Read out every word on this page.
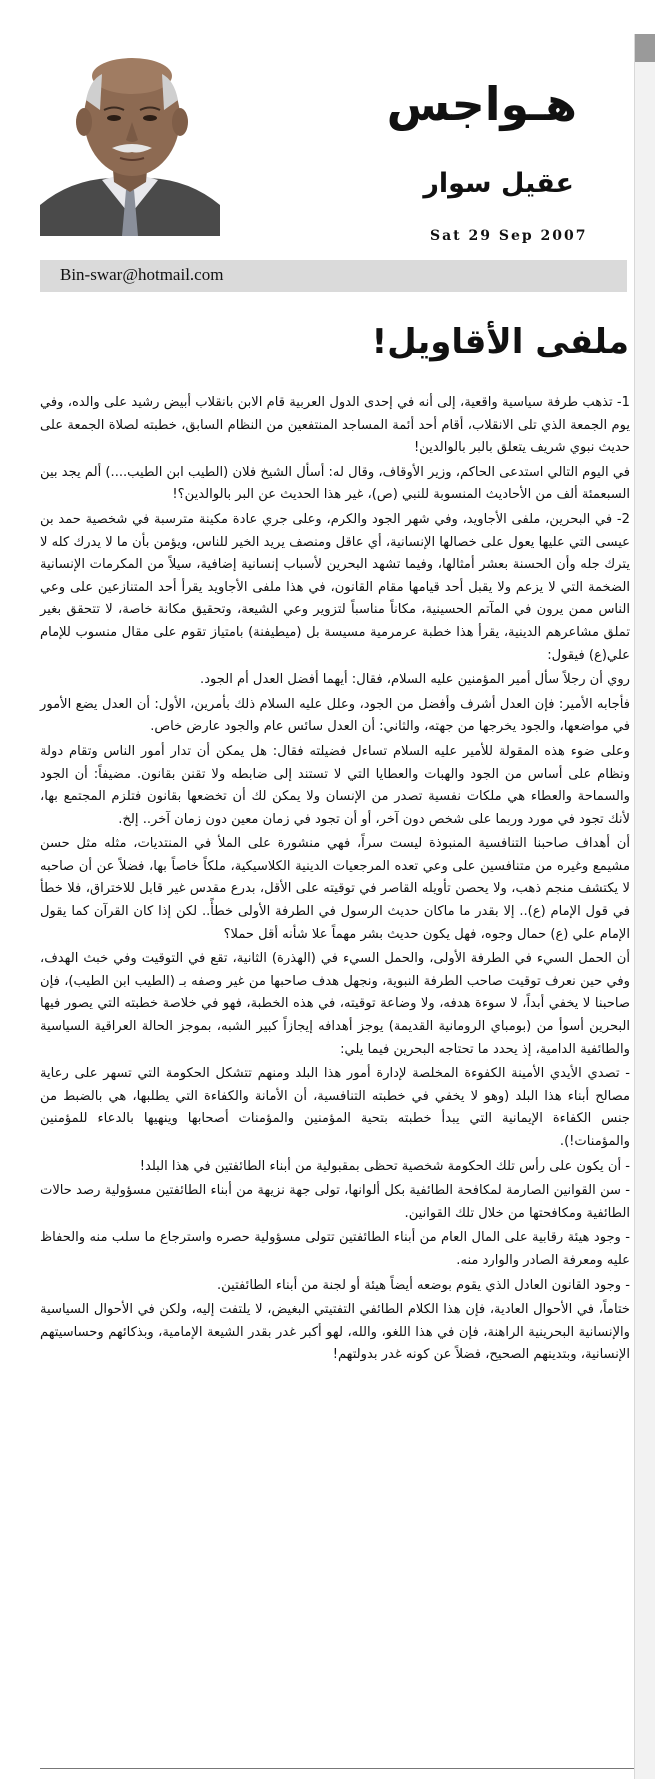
هـواجس
عقيل سوار
Sat 29 Sep 2007
Bin-swar@hotmail.com
ملفى الأقاويل!

1- تذهب طرفة سياسية واقعية، إلى أنه في إحدى الدول العربية قام الابن بانقلاب أبيض رشيد على والده، وفي يوم الجمعة الذي تلى الانقلاب، أقام أحد أئمة المساجد المنتفعين من النظام السابق، خطبته لصلاة الجمعة على حديث نبوي شريف يتعلق بالبر بالوالدين!

في اليوم التالي استدعى الحاكم، وزير الأوقاف، وقال له: أسأل الشيخ فلان (الطيب ابن الطيب....) ألم يجد بين السبعمئة ألف من الأحاديث المنسوبة للنبي (ص)، غير هذا الحديث عن البر بالوالدين؟!

2- في البحرين، ملفى الأجاويد، وفي شهر الجود والكرم، وعلى جري عادة مكينة مترسبة في شخصية حمد بن عيسى التي عليها يعول على خصالها الإنسانية، أي عاقل ومنصف يريد الخير للناس، ويؤمن بأن ما لا يدرك كله لا يترك جله وأن الحسنة بعشر أمثالها، وفيما تشهد البحرين لأسباب إنسانية إضافية، سيلاً من المكرمات الإنسانية الضخمة التي لا يزعم ولا يقبل أحد قيامها مقام القانون، في هذا ملفى الأجاويد يقرأ أحد المتنازعين على وعي الناس ممن يرون في المآتم الحسينية، مكاناً مناسباً لتزوير وعي الشيعة، وتحقيق مكانة خاصة، لا تتحقق بغير تملق مشاعرهم الدينية، يقرأ هذا خطبة عرمرمية مسيسة بل (ميطيفنة) بامتياز تقوم على مقال منسوب للإمام علي(ع) فيقول:

روي أن رجلاً سأل أمير المؤمنين عليه السلام، فقال: أيهما أفضل العدل أم الجود.

فأجابه الأمير: فإن العدل أشرف وأفضل من الجود، وعلل عليه السلام ذلك بأمرين، الأول: أن العدل يضع الأمور في مواضعها، والجود يخرجها من جهته، والثاني: أن العدل سائس عام والجود عارض خاص.

وعلى ضوء هذه المقولة للأمير عليه السلام تساءل فضيلته فقال: هل يمكن أن تدار أمور الناس وتقام دولة ونظام على أساس من الجود والهبات والعطايا التي لا تستند إلى ضابطه ولا تقنن بقانون. مضيفاً: أن الجود والسماحة والعطاء هي ملكات نفسية تصدر من الإنسان ولا يمكن لك أن تخضعها بقانون فتلزم المجتمع بها، لأنك تجود في مورد وربما على شخص دون آخر، أو أن تجود في زمان معين دون زمان آخر.. إلخ.

أن أهداف صاحبنا التنافسية المنبوذة ليست سراً، فهي منشورة على الملأ في المنتديات، مثله مثل حسن مشيمع وغيره من متنافسين على وعي تعده المرجعيات الدينية الكلاسيكية، ملكاً خاصاً بها، فضلاً عن أن صاحبه لا يكتشف منجم ذهب، ولا يحصن تأويله القاصر في توقيته على الأقل، بدرع مقدس غير قابل للاختراق، فلا خطأ في قول الإمام (ع).. إلا بقدر ما ماكان حديث الرسول في الطرفة الأولى خطأً.. لكن إذا كان القرآن كما يقول الإمام علي (ع) حمال وجوه، فهل يكون حديث بشر مهماً علا شأنه أقل حملا؟

أن الحمل السيء في الطرفة الأولى، والحمل السيء في (الهذرة) الثانية، تقع في التوقيت وفي خبث الهدف، وفي حين نعرف توقيت صاحب الطرفة النبوية، ونجهل هدف صاحبها من غير وصفه بـ (الطيب ابن الطيب)، فإن صاحبنا لا يخفي أبداً، لا سوءة هدفه، ولا وضاعة توقيته، في هذه الخطبة، فهو في خلاصة خطبته التي يصور فيها البحرين أسوأ من (بومباي الرومانية القديمة) يوجز أهدافه إيجازاً كبير الشبه، بموجز الحالة العراقية السياسية والطائفية الدامية، إذ يحدد ما تحتاجه البحرين فيما يلي:

- تصدي الأيدي الأمينة الكفوءة المخلصة لإدارة أمور هذا البلد ومنهم تتشكل الحكومة التي تسهر على رعاية مصالح أبناء هذا البلد (وهو لا يخفي في خطبته التنافسية، أن الأمانة والكفاءة التي يطلبها، هي بالضبط من جنس الكفاءة الإيمانية التي يبدأ خطبته بتحية المؤمنين والمؤمنات أصحابها وينهيها بالدعاء للمؤمنين والمؤمنات!).

- أن يكون على رأس تلك الحكومة شخصية تحظى بمقبولية من أبناء الطائفتين في هذا البلد!

- سن القوانين الصارمة لمكافحة الطائفية بكل ألوانها، تولى جهة نزيهة من أبناء الطائفتين مسؤولية رصد حالات الطائفية ومكافحتها من خلال تلك القوانين.

- وجود هيئة رقابية على المال العام من أبناء الطائفتين تتولى مسؤولية حصره واسترجاع ما سلب منه والحفاظ عليه ومعرفة الصادر والوارد منه.

- وجود القانون العادل الذي يقوم بوضعه أيضاً هيئة أو لجنة من أبناء الطائفتين.

ختاماً، في الأحوال العادية، فإن هذا الكلام الطائفي التفتيتي البغيض، لا يلتفت إليه، ولكن في الأحوال السياسية والإنسانية البحرينية الراهنة، فإن في هذا اللغو، والله، لهو أكبر غدر بقدر الشيعة الإمامية، وبذكائهم وحساسيتهم الإنسانية، وبتدينهم الصحيح، فضلاً عن كونه غدر بدولتهم!
